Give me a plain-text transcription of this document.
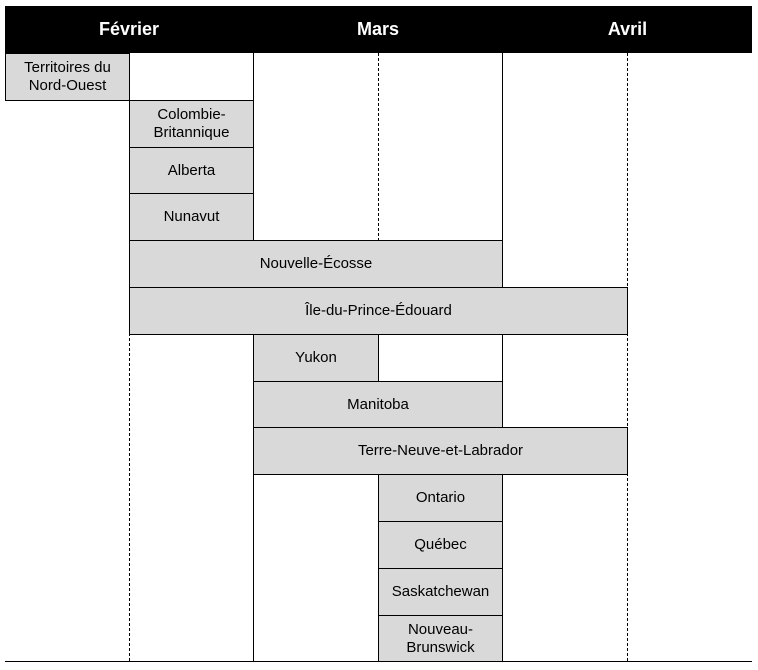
Février	Mars	Avril
Territoires du
Nord-Ouest
Colombie-
Britannique
Alberta
Nunavut
Nouvelle-Écosse
Île-du-Prince-Édouard
Yukon
Manitoba
Terre-Neuve-et-Labrador
Ontario
Québec
Saskatchewan
Nouveau-
Brunswick
